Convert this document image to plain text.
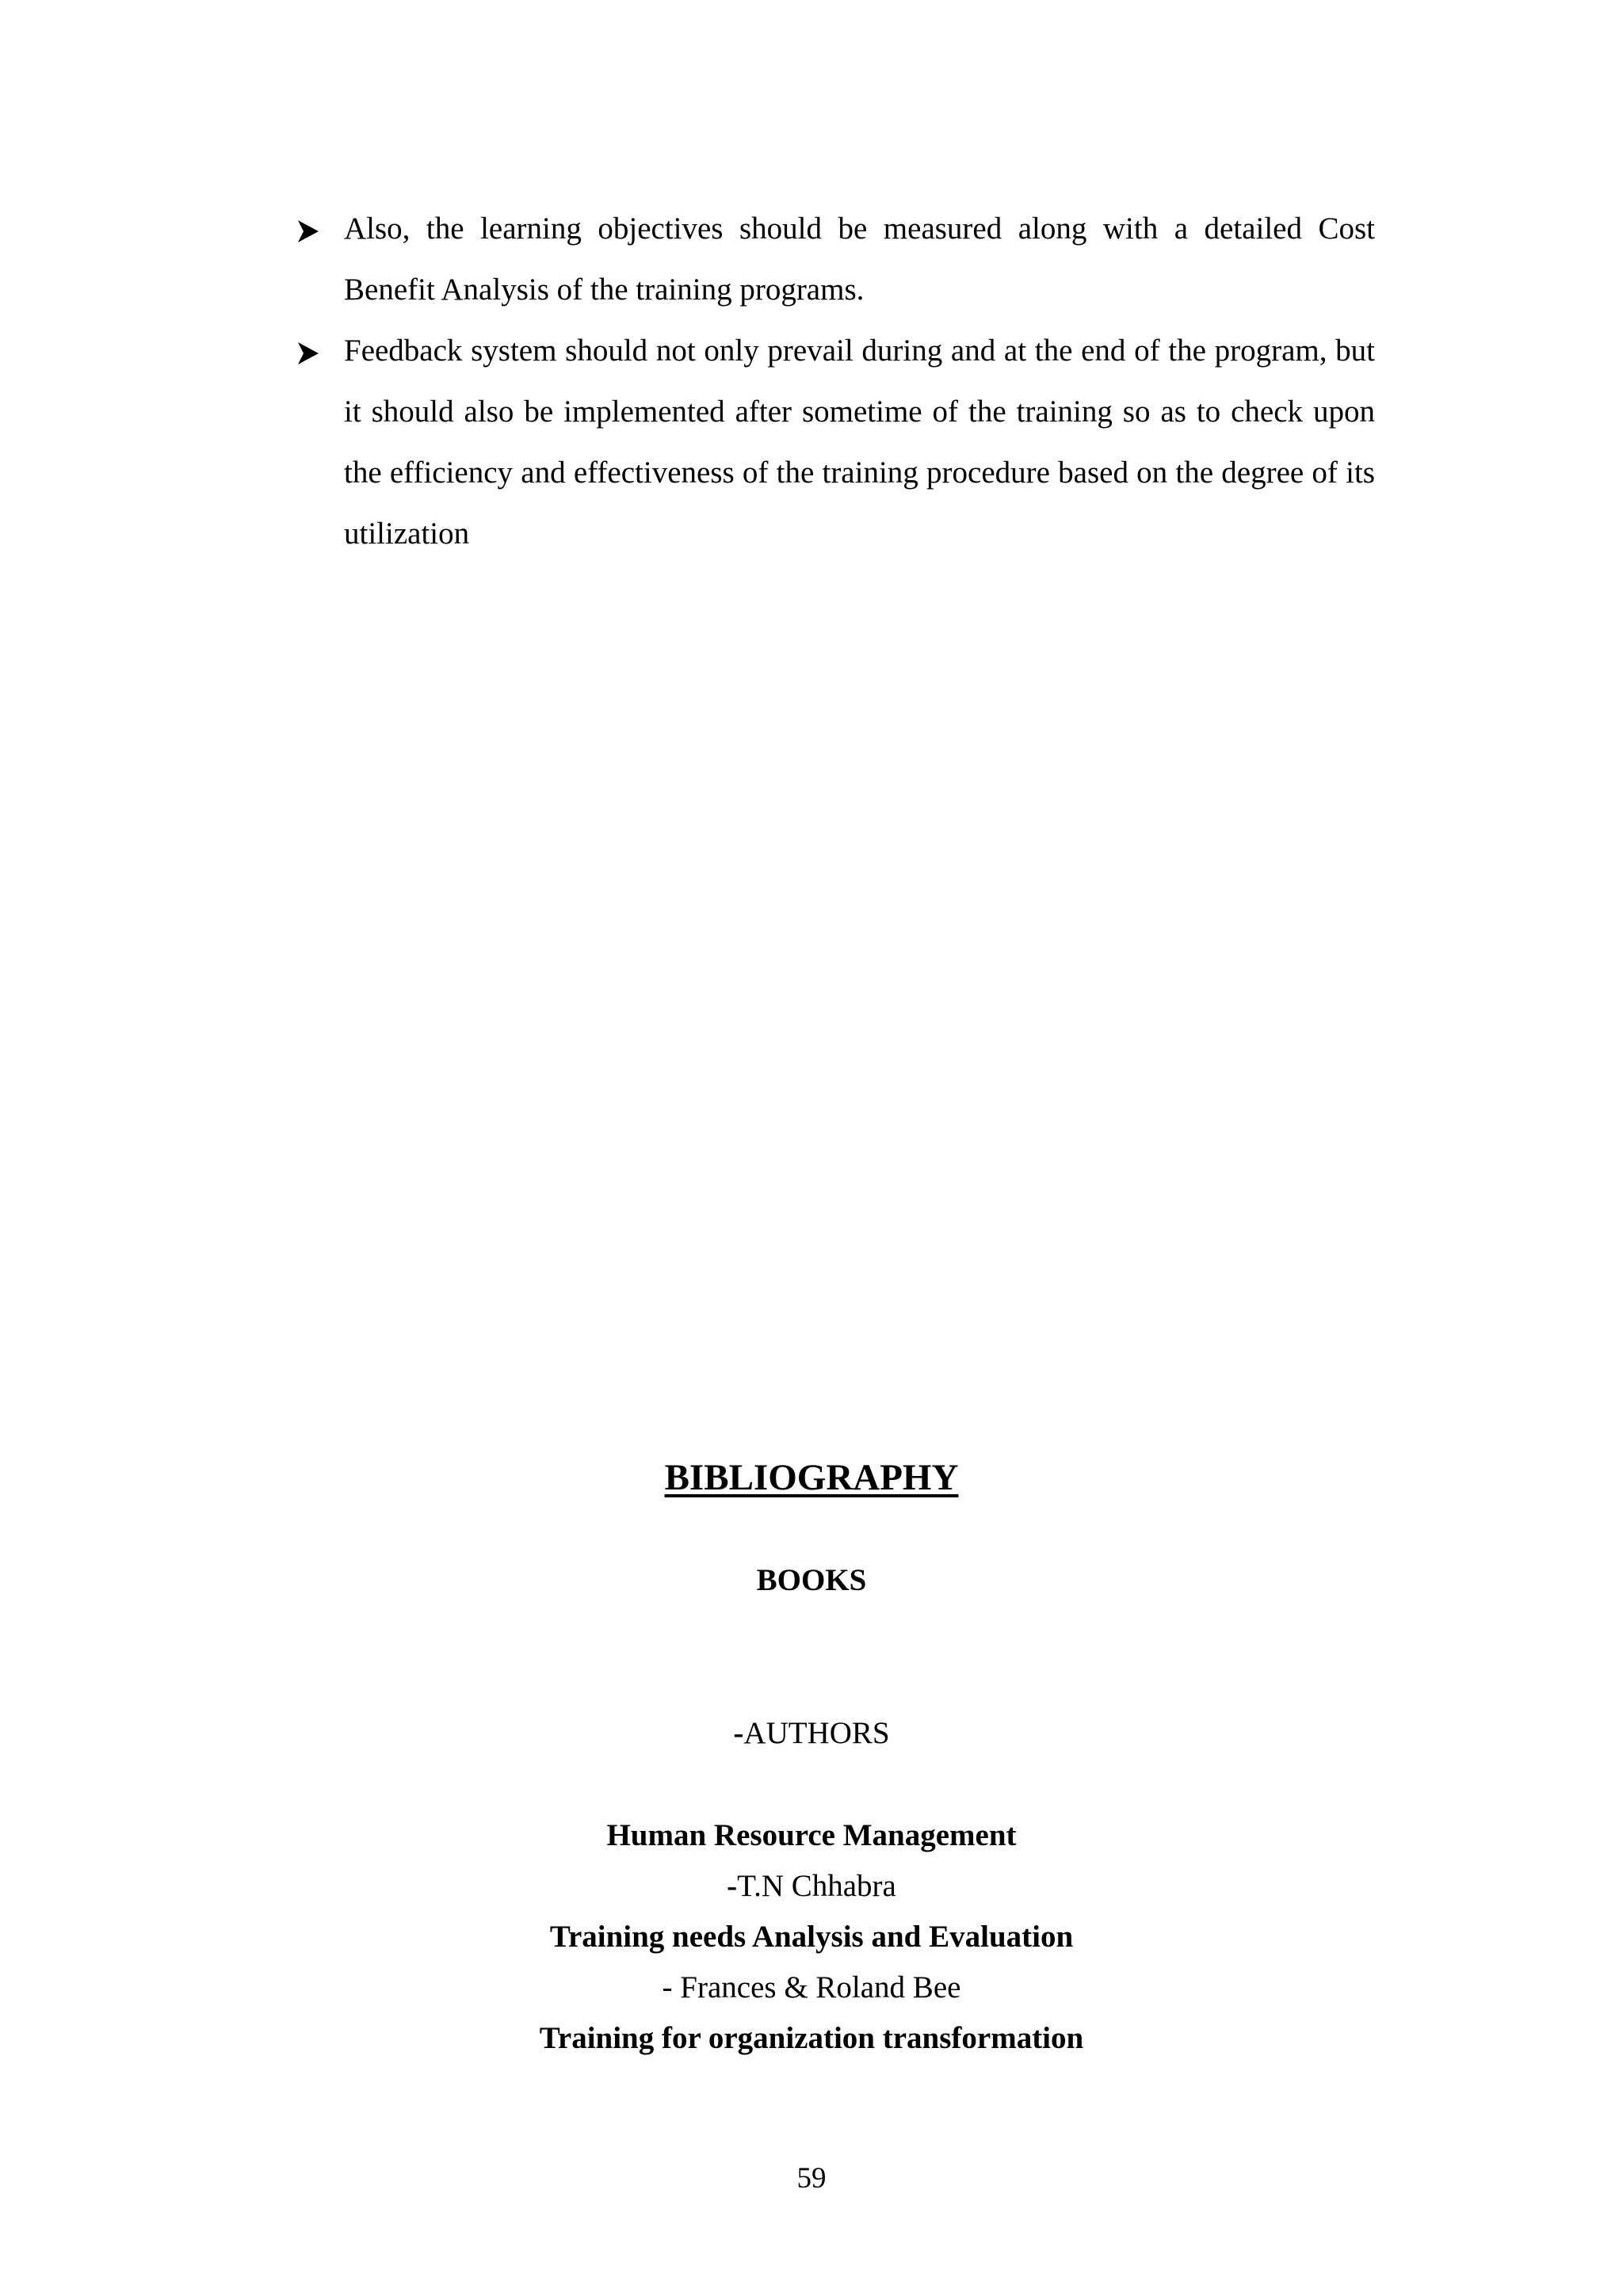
Also, the learning objectives should be measured along with a detailed Cost Benefit Analysis of the training programs.

Feedback system should not only prevail during and at the end of the program, but it should also be implemented after sometime of the training so as to check upon the efficiency and effectiveness of the training procedure based on the degree of its utilization

BIBLIOGRAPHY

BOOKS

-AUTHORS

Human Resource Management

-T.N Chhabra

Training needs Analysis and Evaluation

- Frances & Roland Bee

Training for organization transformation

59
